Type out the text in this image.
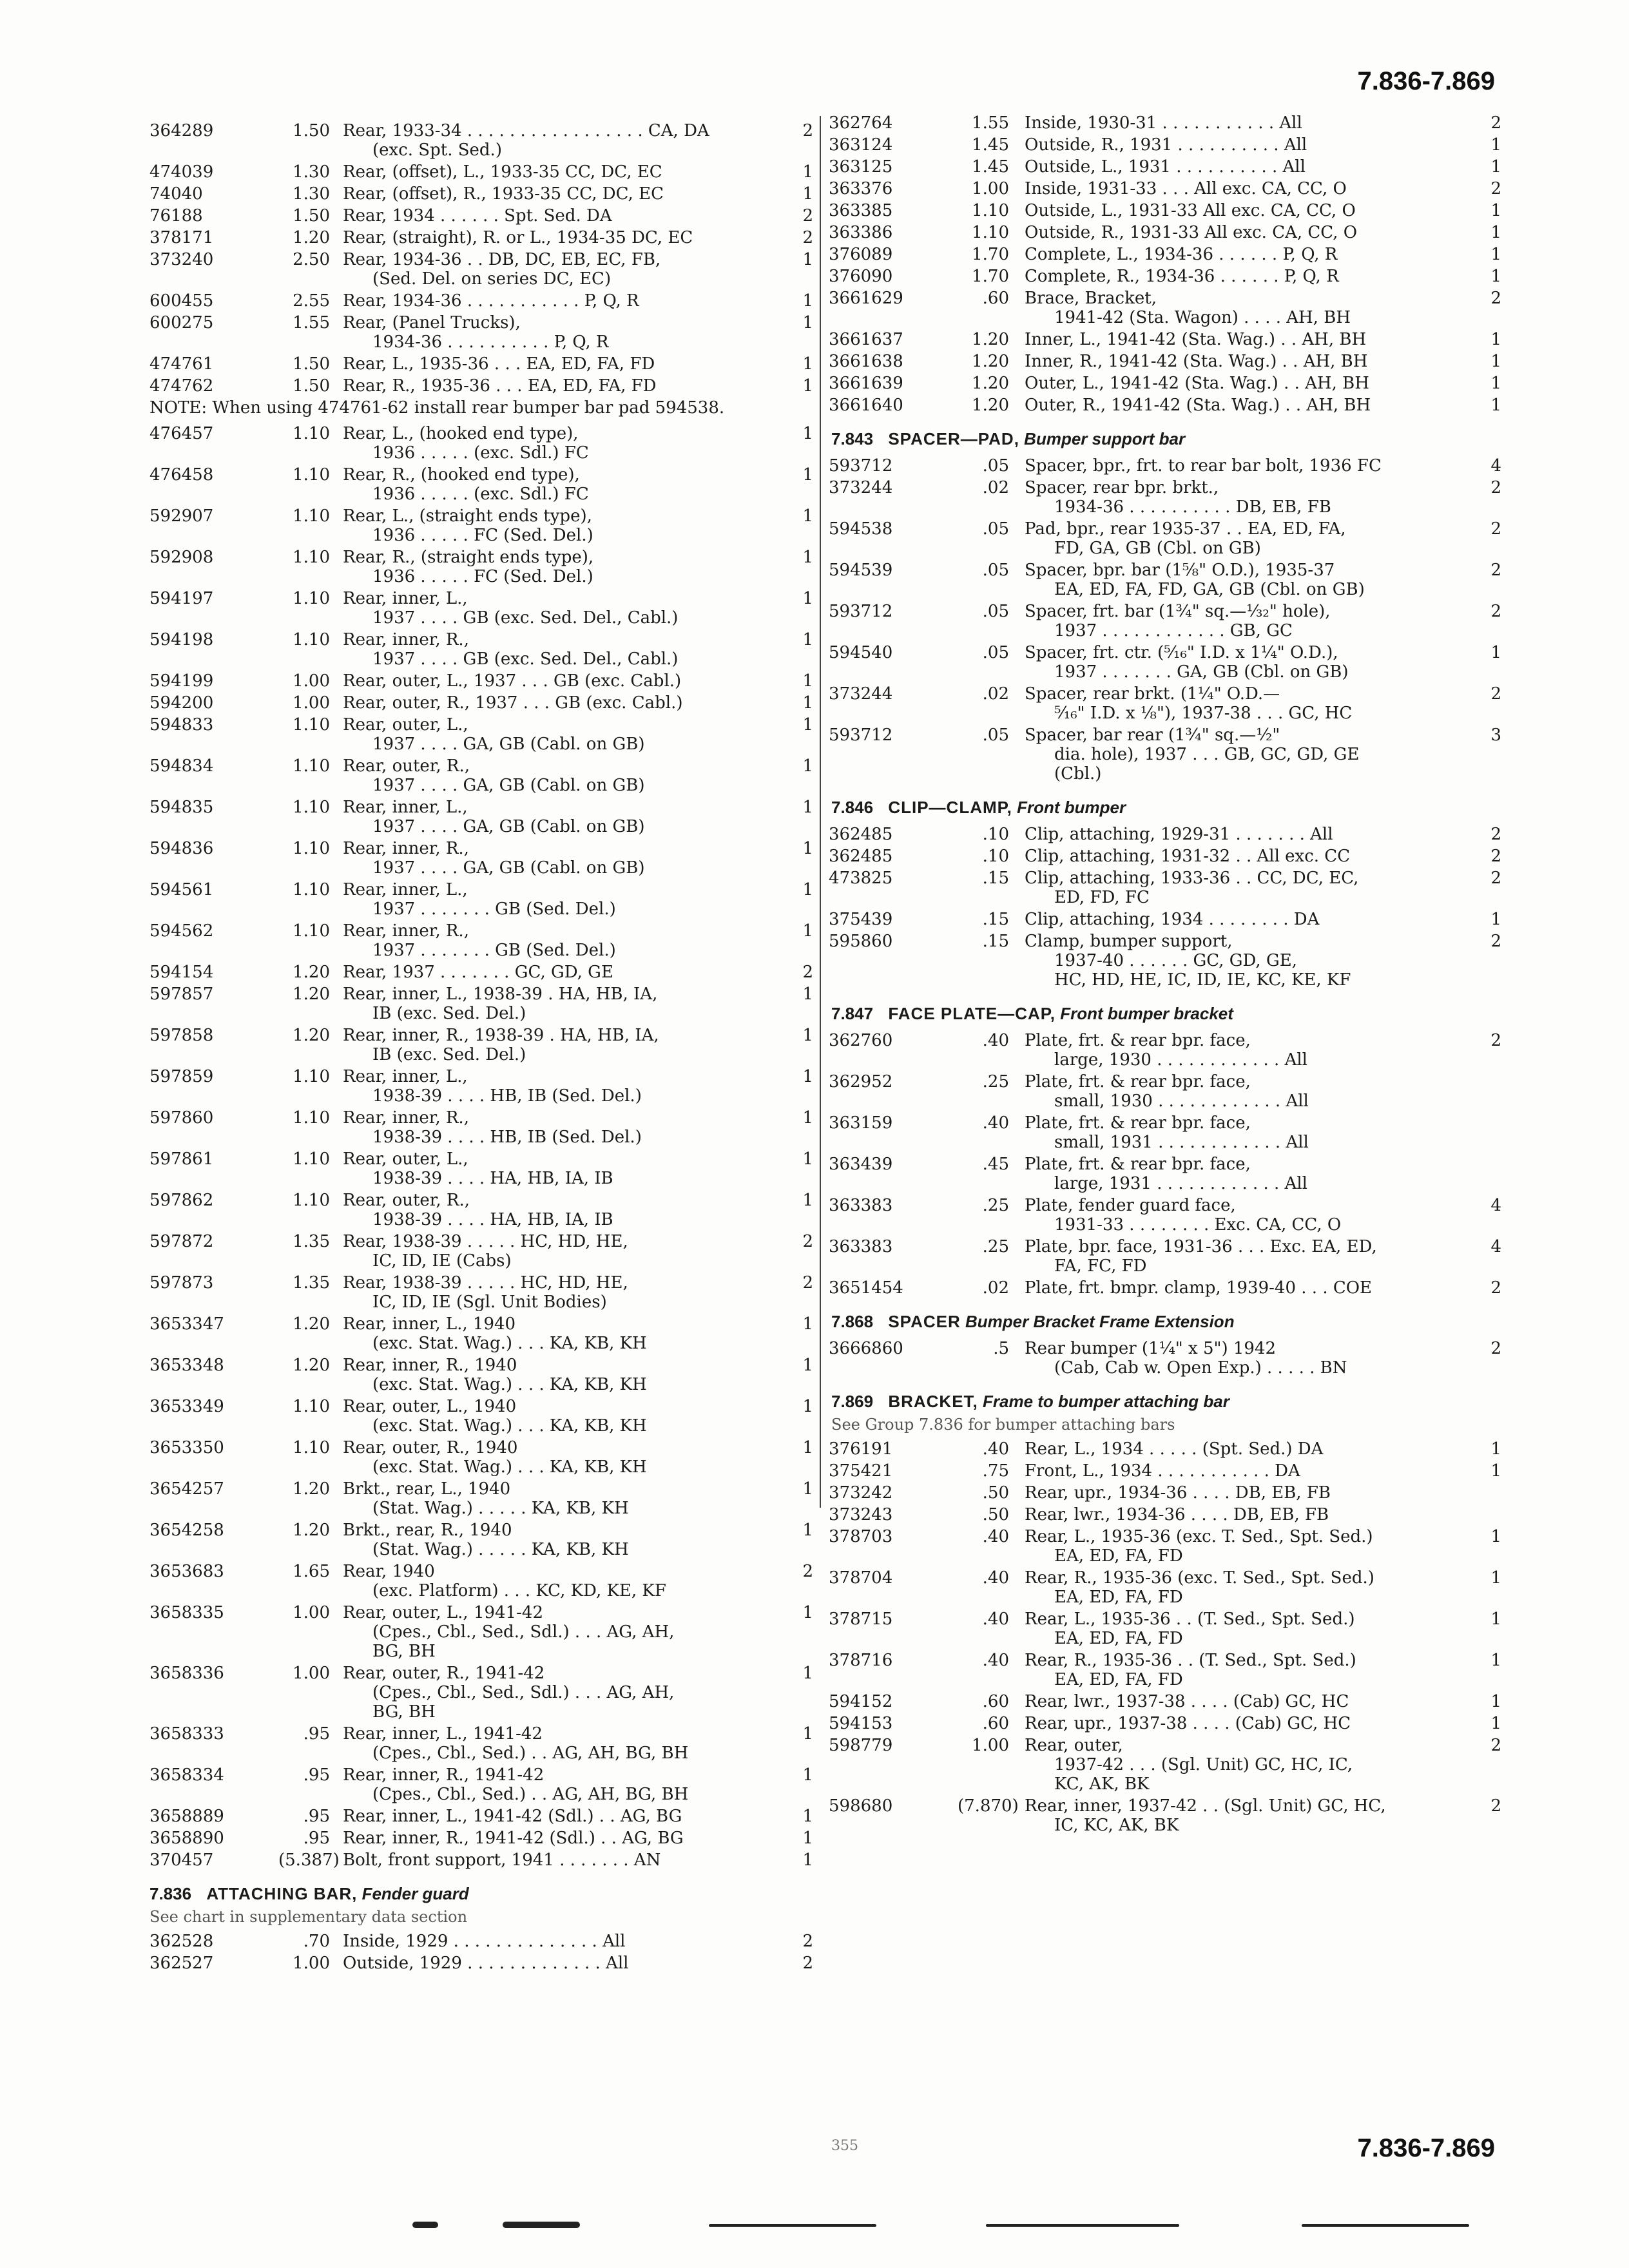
7.836-7.869
364289	1.50 Rear, 1933-34 . . . . . . . . . . . . . . . . . CA, DA
(exc. Spt. Sed.)
2
474039	1.30 Rear, (offset), L., 1933-35 CC, DC, EC	1
74040	1.30 Rear, (offset), R., 1933-35 CC, DC, EC	1
76188	1.50 Rear, 1934 . . . . . . Spt. Sed. DA	2
378171	1.20 Rear, (straight), R. or L., 1934-35 DC, EC	2
373240	2.50 Rear, 1934-36 . . DB, DC, EB, EC, FB,
(Sed. Del. on series DC, EC)
1
600455	2.55 Rear, 1934-36 . . . . . . . . . . . P, Q, R	1
600275	1.55 Rear, (Panel Trucks),
1934-36 . . . . . . . . . . P, Q, R
1
474761	1.50 Rear, L., 1935-36 . . . EA, ED, FA, FD	1
474762	1.50 Rear, R., 1935-36 . . . EA, ED, FA, FD	1
NOTE: When using 474761-62 install rear bumper bar pad 594538.
476457	1.10 Rear, L., (hooked end type),
1936 . . . . . (exc. Sdl.) FC
1
476458	1.10 Rear, R., (hooked end type),
1936 . . . . . (exc. Sdl.) FC
1
592907	1.10 Rear, L., (straight ends type),
1936 . . . . . FC (Sed. Del.)
1
592908	1.10 Rear, R., (straight ends type),
1936 . . . . . FC (Sed. Del.)
1
594197	1.10 Rear, inner, L.,
1937 . . . . GB (exc. Sed. Del., Cabl.)
1
594198	1.10 Rear, inner, R.,
1937 . . . . GB (exc. Sed. Del., Cabl.)
1
594199	1.00 Rear, outer, L., 1937 . . . GB (exc. Cabl.)	1
594200	1.00 Rear, outer, R., 1937 . . . GB (exc. Cabl.)	1
594833	1.10 Rear, outer, L.,
1937 . . . . GA, GB (Cabl. on GB)
1
594834	1.10 Rear, outer, R.,
1937 . . . . GA, GB (Cabl. on GB)
1
594835	1.10 Rear, inner, L.,
1937 . . . . GA, GB (Cabl. on GB)
1
594836	1.10 Rear, inner, R.,
1937 . . . . GA, GB (Cabl. on GB)
1
594561	1.10 Rear, inner, L.,
1937 . . . . . . . GB (Sed. Del.)
1
594562	1.10 Rear, inner, R.,
1937 . . . . . . . GB (Sed. Del.)
1
594154	1.20 Rear, 1937 . . . . . . . GC, GD, GE	2
597857	1.20 Rear, inner, L., 1938-39 . HA, HB, IA,
IB (exc. Sed. Del.)
1
597858	1.20 Rear, inner, R., 1938-39 . HA, HB, IA,
IB (exc. Sed. Del.)
1
597859	1.10 Rear, inner, L.,
1938-39 . . . . HB, IB (Sed. Del.)
1
597860	1.10 Rear, inner, R.,
1938-39 . . . . HB, IB (Sed. Del.)
1
597861	1.10 Rear, outer, L.,
1938-39 . . . . HA, HB, IA, IB
1
597862	1.10 Rear, outer, R.,
1938-39 . . . . HA, HB, IA, IB
1
597872	1.35 Rear, 1938-39 . . . . . HC, HD, HE,
IC, ID, IE (Cabs)
2
597873	1.35 Rear, 1938-39 . . . . . HC, HD, HE,
IC, ID, IE (Sgl. Unit Bodies)
2
3653347	1.20 Rear, inner, L., 1940
(exc. Stat. Wag.) . . . KA, KB, KH
1
3653348	1.20 Rear, inner, R., 1940
(exc. Stat. Wag.) . . . KA, KB, KH
1
3653349	1.10 Rear, outer, L., 1940
(exc. Stat. Wag.) . . . KA, KB, KH
1
3653350	1.10 Rear, outer, R., 1940
(exc. Stat. Wag.) . . . KA, KB, KH
1
3654257	1.20 Brkt., rear, L., 1940
(Stat. Wag.) . . . . . KA, KB, KH
1
3654258	1.20 Brkt., rear, R., 1940
(Stat. Wag.) . . . . . KA, KB, KH
1
3653683	1.65 Rear, 1940
(exc. Platform) . . . KC, KD, KE, KF
2
3658335	1.00 Rear, outer, L., 1941-42
(Cpes., Cbl., Sed., Sdl.) . . . AG, AH,
BG, BH
1
3658336	1.00 Rear, outer, R., 1941-42
(Cpes., Cbl., Sed., Sdl.) . . . AG, AH,
BG, BH
1
3658333	.95 Rear, inner, L., 1941-42
(Cpes., Cbl., Sed.) . . AG, AH, BG, BH
1
3658334	.95 Rear, inner, R., 1941-42
(Cpes., Cbl., Sed.) . . AG, AH, BG, BH
1
3658889	.95 Rear, inner, L., 1941-42 (Sdl.) . . AG, BG	1
3658890	.95 Rear, inner, R., 1941-42 (Sdl.) . . AG, BG	1
370457	(5.387) Bolt, front support, 1941 . . . . . . . AN	1
7.836 ATTACHING BAR, Fender guard
See chart in supplementary data section
362528	.70 Inside, 1929 . . . . . . . . . . . . . . All	2
362527	1.00 Outside, 1929 . . . . . . . . . . . . . All	2
362764	1.55 Inside, 1930-31 . . . . . . . . . . . All	2
363124	1.45 Outside, R., 1931 . . . . . . . . . . All	1
363125	1.45 Outside, L., 1931 . . . . . . . . . . All	1
363376	1.00 Inside, 1931-33 . . . All exc. CA, CC, O	2
363385	1.10 Outside, L., 1931-33 All exc. CA, CC, O	1
363386	1.10 Outside, R., 1931-33 All exc. CA, CC, O	1
376089	1.70 Complete, L., 1934-36 . . . . . . P, Q, R	1
376090	1.70 Complete, R., 1934-36 . . . . . . P, Q, R	1
3661629	.60 Brace, Bracket,
1941-42 (Sta. Wagon) . . . . AH, BH
2
3661637	1.20 Inner, L., 1941-42 (Sta. Wag.) . . AH, BH	1
3661638	1.20 Inner, R., 1941-42 (Sta. Wag.) . . AH, BH	1
3661639	1.20 Outer, L., 1941-42 (Sta. Wag.) . . AH, BH	1
3661640	1.20 Outer, R., 1941-42 (Sta. Wag.) . . AH, BH	1
7.843 SPACER—PAD, Bumper support bar
593712	.05 Spacer, bpr., frt. to rear bar bolt, 1936 FC	4
373244	.02 Spacer, rear bpr. brkt.,
1934-36 . . . . . . . . . . DB, EB, FB
2
594538	.05 Pad, bpr., rear 1935-37 . . EA, ED, FA,
FD, GA, GB (Cbl. on GB)
2
594539	.05 Spacer, bpr. bar (1⅝" O.D.), 1935-37
EA, ED, FA, FD, GA, GB (Cbl. on GB)
2
593712	.05 Spacer, frt. bar (1¾" sq.—¹⁄₃₂" hole),
1937 . . . . . . . . . . . . GB, GC
2
594540	.05 Spacer, frt. ctr. (⁵⁄₁₆" I.D. x 1¼" O.D.),
1937 . . . . . . . GA, GB (Cbl. on GB)
1
373244	.02 Spacer, rear brkt. (1¼" O.D.—
⁵⁄₁₆" I.D. x ⅛"), 1937-38 . . . GC, HC
2
593712	.05 Spacer, bar rear (1¾" sq.—½"
dia. hole), 1937 . . . GB, GC, GD, GE
(Cbl.)
3
7.846 CLIP—CLAMP, Front bumper
362485	.10 Clip, attaching, 1929-31 . . . . . . . All	2
362485	.10 Clip, attaching, 1931-32 . . All exc. CC	2
473825	.15 Clip, attaching, 1933-36 . . CC, DC, EC,
ED, FD, FC
2
375439	.15 Clip, attaching, 1934 . . . . . . . . DA	1
595860	.15 Clamp, bumper support,
1937-40 . . . . . . GC, GD, GE,
HC, HD, HE, IC, ID, IE, KC, KE, KF
2
7.847 FACE PLATE—CAP, Front bumper bracket
362760	.40 Plate, frt. & rear bpr. face,
large, 1930 . . . . . . . . . . . . All
2
362952	.25 Plate, frt. & rear bpr. face,
small, 1930 . . . . . . . . . . . . All
363159	.40 Plate, frt. & rear bpr. face,
small, 1931 . . . . . . . . . . . . All
363439	.45 Plate, frt. & rear bpr. face,
large, 1931 . . . . . . . . . . . . All
363383	.25 Plate, fender guard face,
1931-33 . . . . . . . . Exc. CA, CC, O
4
363383	.25 Plate, bpr. face, 1931-36 . . . Exc. EA, ED,
FA, FC, FD
4
3651454	.02 Plate, frt. bmpr. clamp, 1939-40 . . . COE	2
7.868 SPACER Bumper Bracket Frame Extension
3666860	.5 Rear bumper (1¼" x 5") 1942
(Cab, Cab w. Open Exp.) . . . . . BN
2
7.869 BRACKET, Frame to bumper attaching bar
See Group 7.836 for bumper attaching bars
376191	.40 Rear, L., 1934 . . . . . (Spt. Sed.) DA	1
375421	.75 Front, L., 1934 . . . . . . . . . . . DA	1
373242	.50 Rear, upr., 1934-36 . . . . DB, EB, FB
373243	.50 Rear, lwr., 1934-36 . . . . DB, EB, FB
378703	.40 Rear, L., 1935-36 (exc. T. Sed., Spt. Sed.)
EA, ED, FA, FD
1
378704	.40 Rear, R., 1935-36 (exc. T. Sed., Spt. Sed.)
EA, ED, FA, FD
1
378715	.40 Rear, L., 1935-36 . . (T. Sed., Spt. Sed.)
EA, ED, FA, FD
1
378716	.40 Rear, R., 1935-36 . . (T. Sed., Spt. Sed.)
EA, ED, FA, FD
1
594152	.60 Rear, lwr., 1937-38 . . . . (Cab) GC, HC	1
594153	.60 Rear, upr., 1937-38 . . . . (Cab) GC, HC	1
598779	1.00 Rear, outer,
1937-42 . . . (Sgl. Unit) GC, HC, IC,
KC, AK, BK
2
598680	(7.870) Rear, inner, 1937-42 . . (Sgl. Unit) GC, HC,
IC, KC, AK, BK
2
355	7.836-7.869
